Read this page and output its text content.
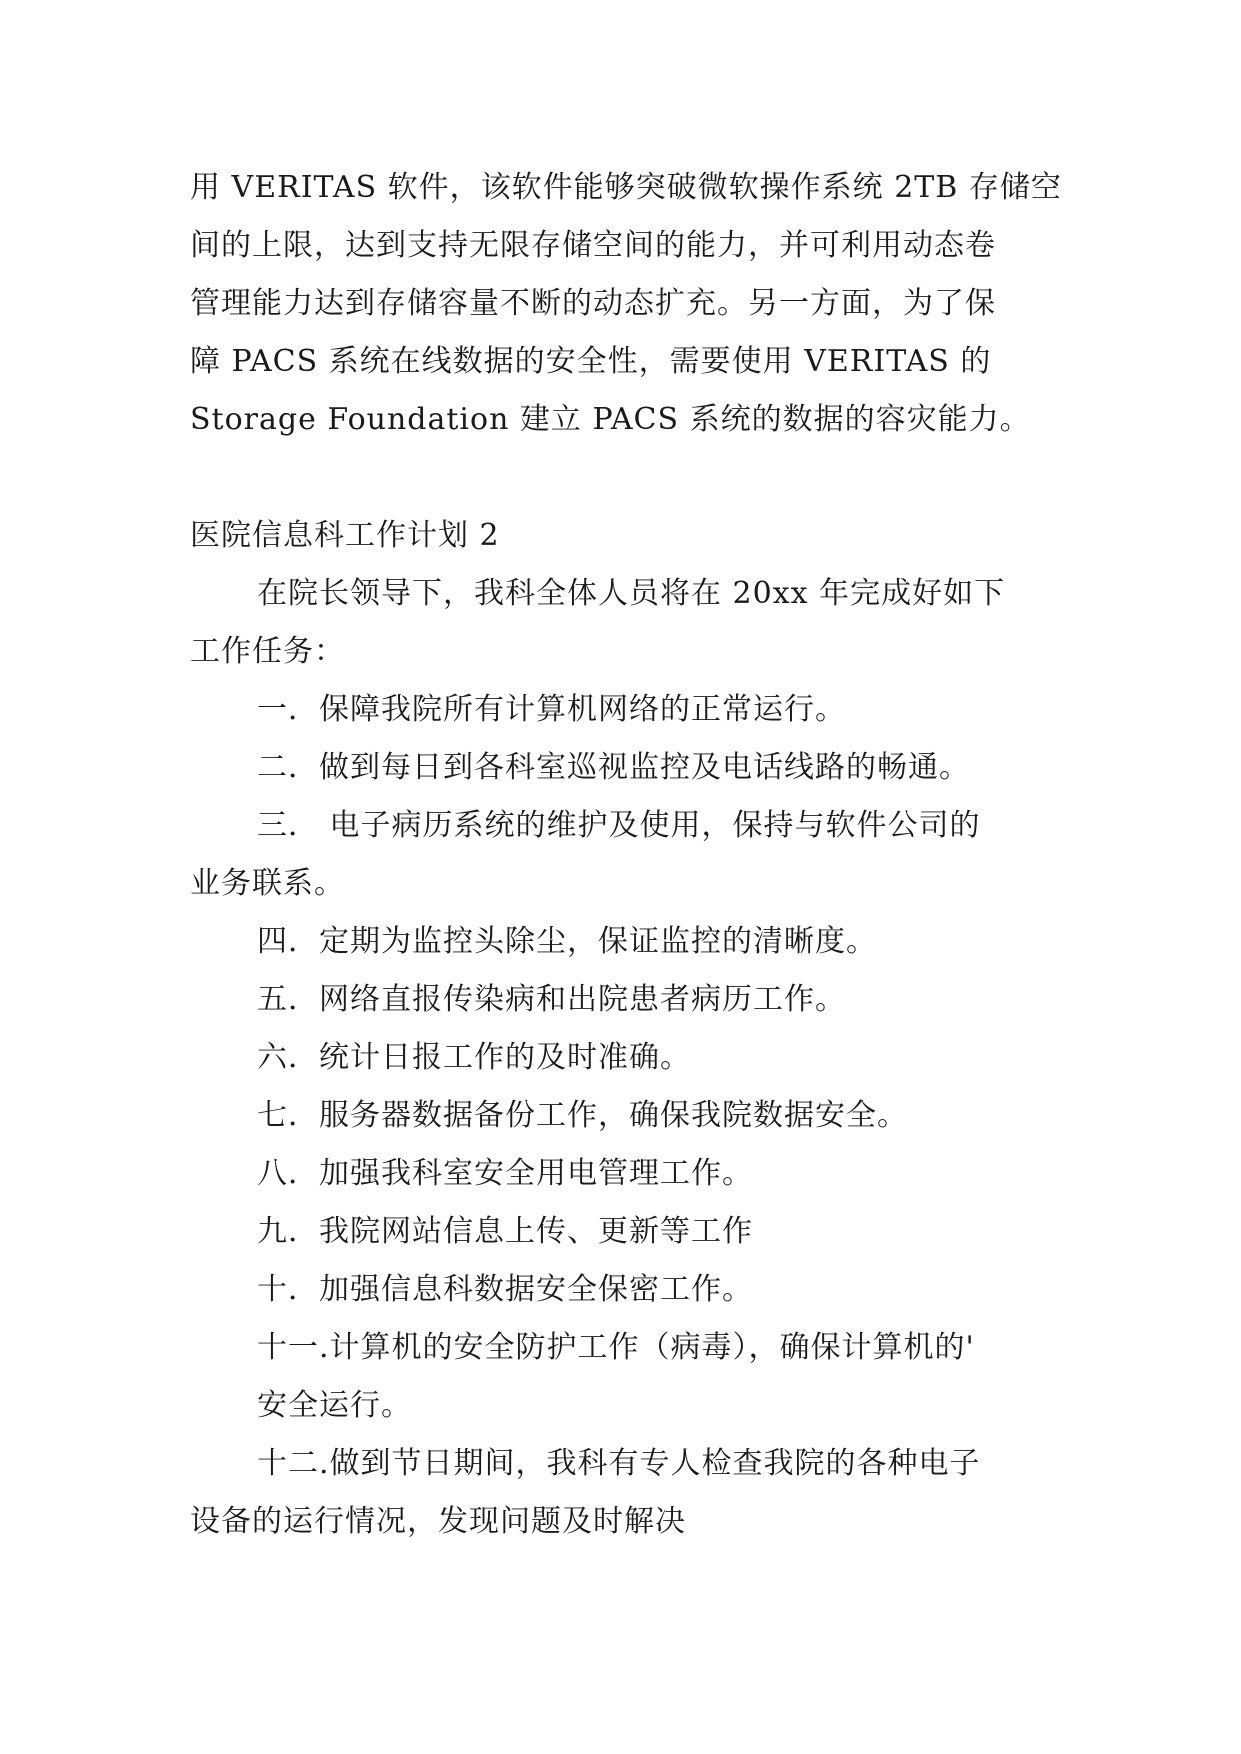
用 VERITAS 软件，该软件能够突破微软操作系统 2TB 存储空
间的上限，达到支持无限存储空间的能力，并可利用动态卷
管理能力达到存储容量不断的动态扩充。另一方面，为了保
障 PACS 系统在线数据的安全性，需要使用 VERITAS 的
Storage Foundation 建立 PACS 系统的数据的容灾能力。
医院信息科工作计划 2
在院长领导下，我科全体人员将在 20xx 年完成好如下
工作任务：
一．保障我院所有计算机网络的正常运行。
二．做到每日到各科室巡视监控及电话线路的畅通。
三． 电子病历系统的维护及使用，保持与软件公司的
业务联系。
四．定期为监控头除尘，保证监控的清晰度。
五．网络直报传染病和出院患者病历工作。
六．统计日报工作的及时准确。
七．服务器数据备份工作，确保我院数据安全。
八．加强我科室安全用电管理工作。
九．我院网站信息上传、更新等工作
十．加强信息科数据安全保密工作。
十一.计算机的安全防护工作（病毒），确保计算机的'
安全运行。
十二.做到节日期间，我科有专人检查我院的各种电子
设备的运行情况，发现问题及时解决
